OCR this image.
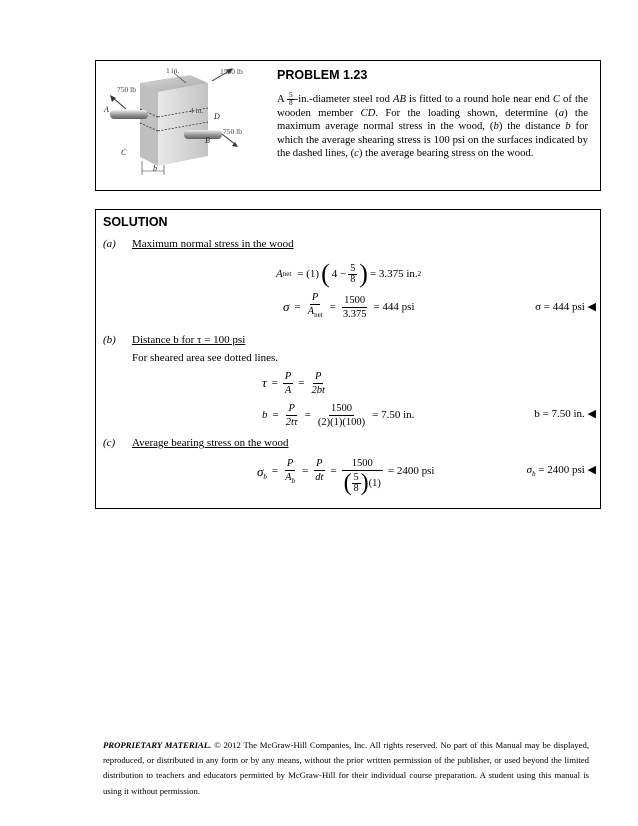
1 in.	1500 lb
750 lb
4 in.
750 lb
A
D
B
C
b
PROBLEM 1.23
A $\frac{5}{8}$ -in.-diameter steel rod AB is fitted to a round hole near end C of the wooden member CD. For the loading shown, determine (a) the maximum average normal stress in the wood, (b) the distance b for which the average shearing stress is 100 psi on the surfaces indicated by the dashed lines, (c) the average bearing stress on the wood.
SOLUTION
(a) Maximum normal stress in the wood
A net = (1) ( $4 - \frac{5}{8}$ ) = 3.375 in. 2
$\sigma = \frac{P}{A_{net}} = \frac{1500}{3.375} = 444$ psi	σ = 444 psi ◀
(b) Distance b for τ = 100 psi
For sheared area see dotted lines.
$\tau = \frac{P}{A} = \frac{P}{2bt}$
$b = \frac{P}{2t\tau} = \frac{1500}{(2)(1)(100)} = 7.50$ in.	b = 7.50 in. ◀
(c) Average bearing stress on the wood
$\sigma_b$
= $\frac{P}{A_b} = \frac{P}{dt} = \frac{1500}{( \frac{5}{8} ) (1)} = 2400$ psi	$\sigma_b = 2400$ psi ◀
PROPRIETARY MATERIAL. © 2012 The McGraw-Hill Companies, Inc. All rights reserved. No part of this Manual may be displayed, reproduced, or distributed in any form or by any means, without the prior written permission of the publisher, or used beyond the limited distribution to teachers and educators permitted by McGraw-Hill for their individual course preparation. A student using this manual is using it without permission.
